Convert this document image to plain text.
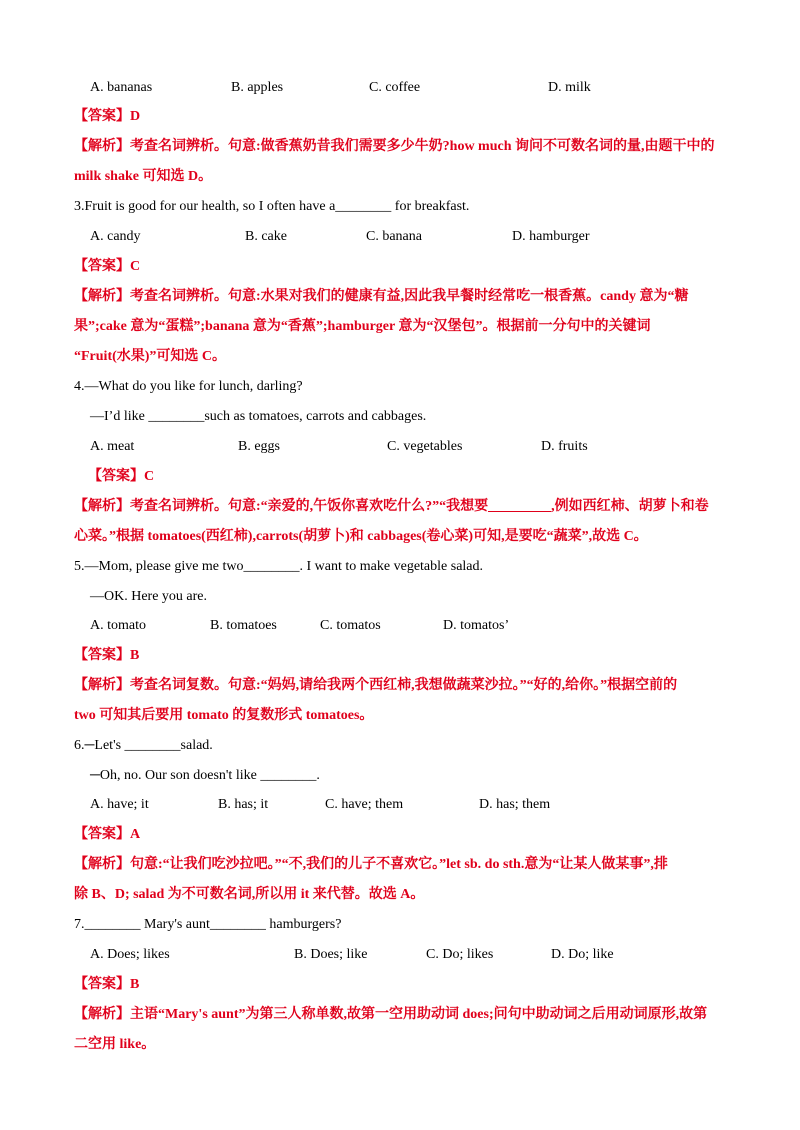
A. bananas	B. apples	C. coffee	D. milk
【答案】D
【解析】考查名词辨析。句意:做香蕉奶昔我们需要多少牛奶?how much 询问不可数名词的量,由题干中的
milk shake 可知选 D。
3.Fruit is good for our health, so I often have a________ for breakfast.
A. candy	B. cake	C. banana	D. hamburger
【答案】C
【解析】考查名词辨析。句意:水果对我们的健康有益,因此我早餐时经常吃一根香蕉。candy 意为“糖
果”;cake 意为“蛋糕”;banana 意为“香蕉”;hamburger 意为“汉堡包”。根据前一分句中的关键词
“Fruit(水果)”可知选 C。
4.—What do you like for lunch, darling?
—I’d like ________such as tomatoes, carrots and cabbages.
A. meat	B. eggs	C. vegetables	D. fruits
【答案】C
【解析】考查名词辨析。句意:“亲爱的,午饭你喜欢吃什么?”“我想要_________,例如西红柿、胡萝卜和卷
心菜。”根据 tomatoes(西红柿),carrots(胡萝卜)和 cabbages(卷心菜)可知,是要吃“蔬菜”,故选 C。
5.—Mom, please give me two________. I want to make vegetable salad.
—OK. Here you are.
A. tomato	B. tomatoes	C. tomatos	D. tomatos’
【答案】B
【解析】考查名词复数。句意:“妈妈,请给我两个西红柿,我想做蔬菜沙拉。”“好的,给你。”根据空前的
two 可知其后要用 tomato 的复数形式 tomatoes。
6.─Let's ________salad.
─Oh, no. Our son doesn't like ________.
A. have; it	B. has; it	C. have; them	D. has; them
【答案】A
【解析】句意:“让我们吃沙拉吧。”“不,我们的儿子不喜欢它。”let sb. do sth.意为“让某人做某事”,排
除 B、D; salad 为不可数名词,所以用 it 来代替。故选 A。
7.________ Mary's aunt________ hamburgers?
A. Does; likes	B. Does; like	C. Do; likes	D. Do; like
【答案】B
【解析】主语“Mary's aunt”为第三人称单数,故第一空用助动词 does;问句中助动词之后用动词原形,故第
二空用 like。
